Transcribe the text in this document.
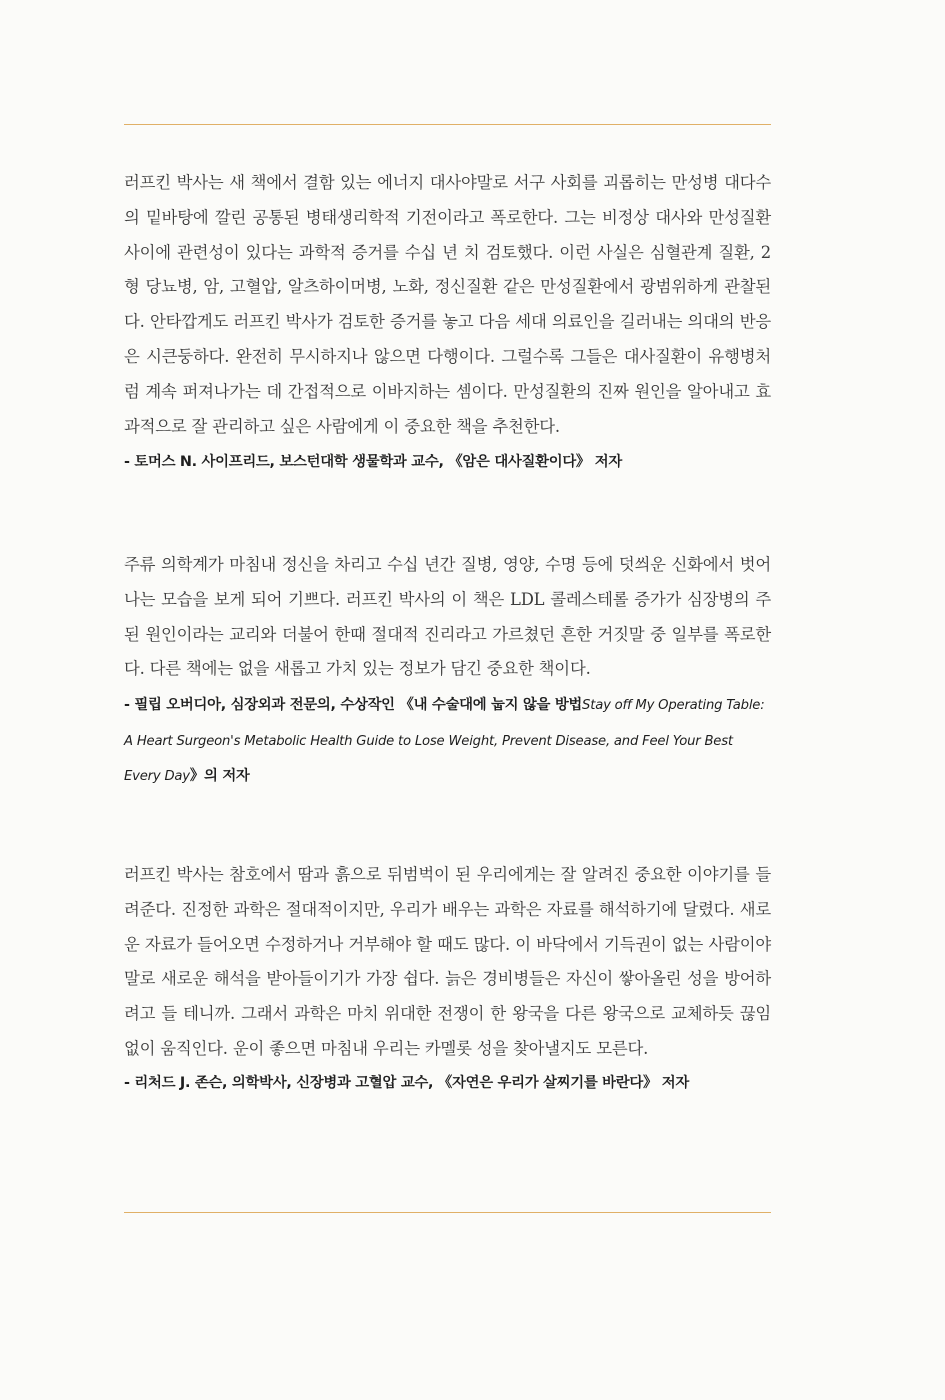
러프킨 박사는 새 책에서 결함 있는 에너지 대사야말로 서구 사회를 괴롭히는 만성병 대다수의 밑바탕에 깔린 공통된 병태생리학적 기전이라고 폭로한다. 그는 비정상 대사와 만성질환 사이에 관련성이 있다는 과학적 증거를 수십 년 치 검토했다. 이런 사실은 심혈관계 질환, 2형 당뇨병, 암, 고혈압, 알츠하이머병, 노화, 정신질환 같은 만성질환에서 광범위하게 관찰된다. 안타깝게도 러프킨 박사가 검토한 증거를 놓고 다음 세대 의료인을 길러내는 의대의 반응은 시큰둥하다. 완전히 무시하지나 않으면 다행이다. 그럴수록 그들은 대사질환이 유행병처럼 계속 퍼져나가는 데 간접적으로 이바지하는 셈이다. 만성질환의 진짜 원인을 알아내고 효과적으로 잘 관리하고 싶은 사람에게 이 중요한 책을 추천한다.

- 토머스 N. 사이프리드, 보스턴대학 생물학과 교수, 《암은 대사질환이다》 저자

주류 의학계가 마침내 정신을 차리고 수십 년간 질병, 영양, 수명 등에 덧씌운 신화에서 벗어나는 모습을 보게 되어 기쁘다. 러프킨 박사의 이 책은 LDL 콜레스테롤 증가가 심장병의 주된 원인이라는 교리와 더불어 한때 절대적 진리라고 가르쳤던 흔한 거짓말 중 일부를 폭로한다. 다른 책에는 없을 새롭고 가치 있는 정보가 담긴 중요한 책이다.

- 필립 오버디아, 심장외과 전문의, 수상작인 《내 수술대에 눕지 않을 방법Stay off My Operating Table: A Heart Surgeon's Metabolic Health Guide to Lose Weight, Prevent Disease, and Feel Your Best Every Day》의 저자

러프킨 박사는 참호에서 땀과 흙으로 뒤범벅이 된 우리에게는 잘 알려진 중요한 이야기를 들려준다. 진정한 과학은 절대적이지만, 우리가 배우는 과학은 자료를 해석하기에 달렸다. 새로운 자료가 들어오면 수정하거나 거부해야 할 때도 많다. 이 바닥에서 기득권이 없는 사람이야말로 새로운 해석을 받아들이기가 가장 쉽다. 늙은 경비병들은 자신이 쌓아올린 성을 방어하려고 들 테니까. 그래서 과학은 마치 위대한 전쟁이 한 왕국을 다른 왕국으로 교체하듯 끊임없이 움직인다. 운이 좋으면 마침내 우리는 카멜롯 성을 찾아낼지도 모른다.

- 리처드 J. 존슨, 의학박사, 신장병과 고혈압 교수, 《자연은 우리가 살찌기를 바란다》 저자
